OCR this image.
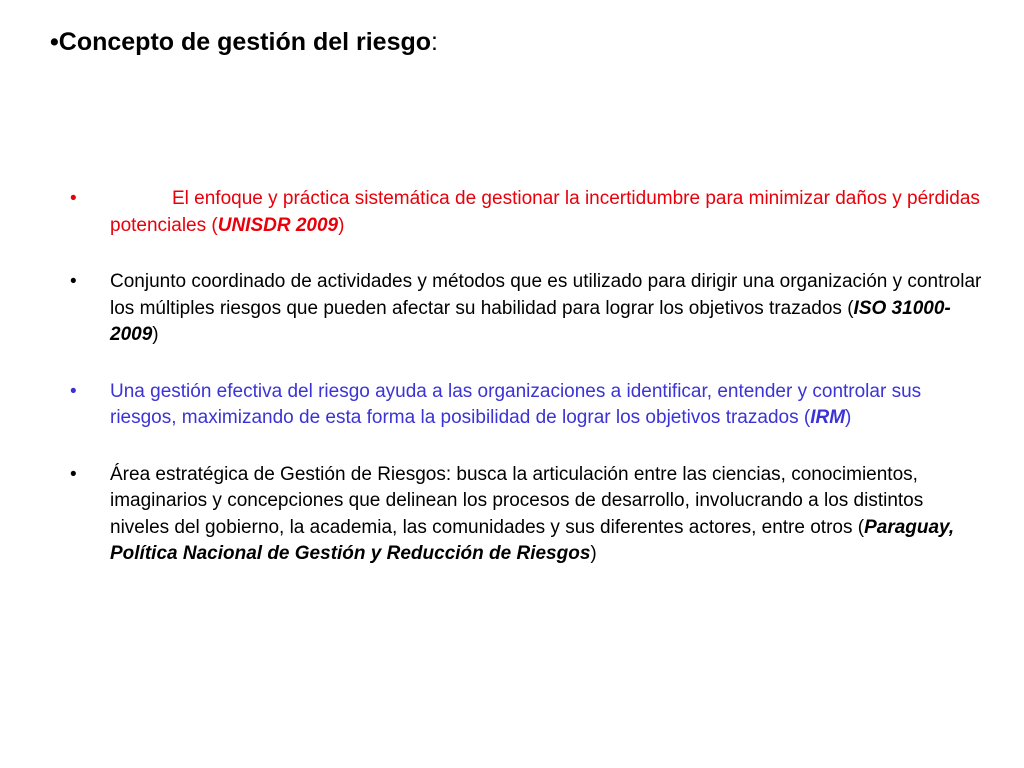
•Concepto de gestión del riesgo:
•	El enfoque y práctica sistemática de gestionar la incertidumbre para minimizar daños y pérdidas potenciales (UNISDR 2009)
• Conjunto coordinado de actividades y métodos que es utilizado para dirigir una organización y controlar los múltiples riesgos que pueden afectar su habilidad para lograr los objetivos trazados (ISO 31000-2009)
• Una gestión efectiva del riesgo ayuda a las organizaciones a identificar, entender y controlar sus riesgos, maximizando de esta forma la posibilidad de lograr los objetivos trazados (IRM)
• Área estratégica de Gestión de Riesgos: busca la articulación entre las ciencias, conocimientos, imaginarios y concepciones que delinean los procesos de desarrollo, involucrando a los distintos niveles del gobierno, la academia, las comunidades y sus diferentes actores, entre otros (Paraguay, Política Nacional de Gestión y Reducción de Riesgos)
